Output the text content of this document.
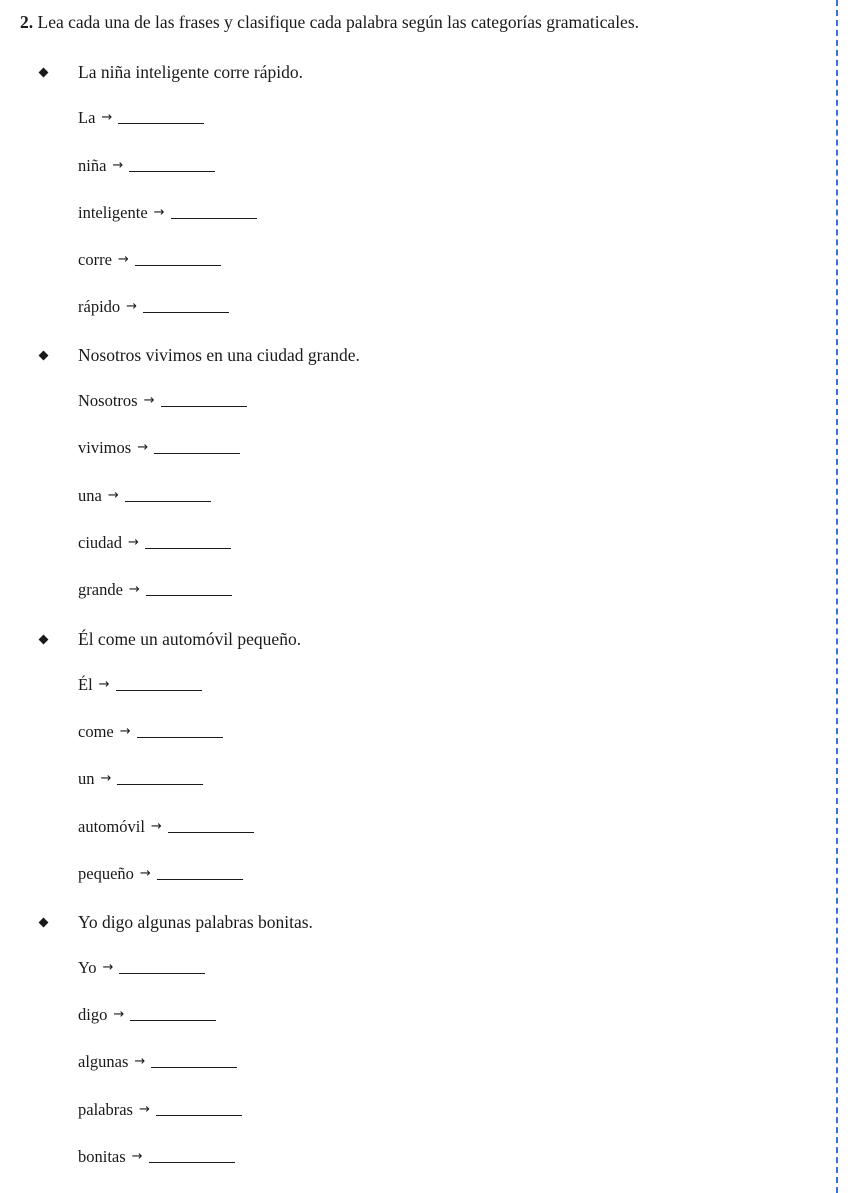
2. Lea cada una de las frases y clasifique cada palabra según las categorías gramaticales.
La niña inteligente corre rápido.
La →
niña →
inteligente →
corre →
rápido →
Nosotros vivimos en una ciudad grande.
Nosotros →
vivimos →
una →
ciudad →
grande →
Él come un automóvil pequeño.
Él →
come →
un →
automóvil →
pequeño →
Yo digo algunas palabras bonitas.
Yo →
digo →
algunas →
palabras →
bonitas →
